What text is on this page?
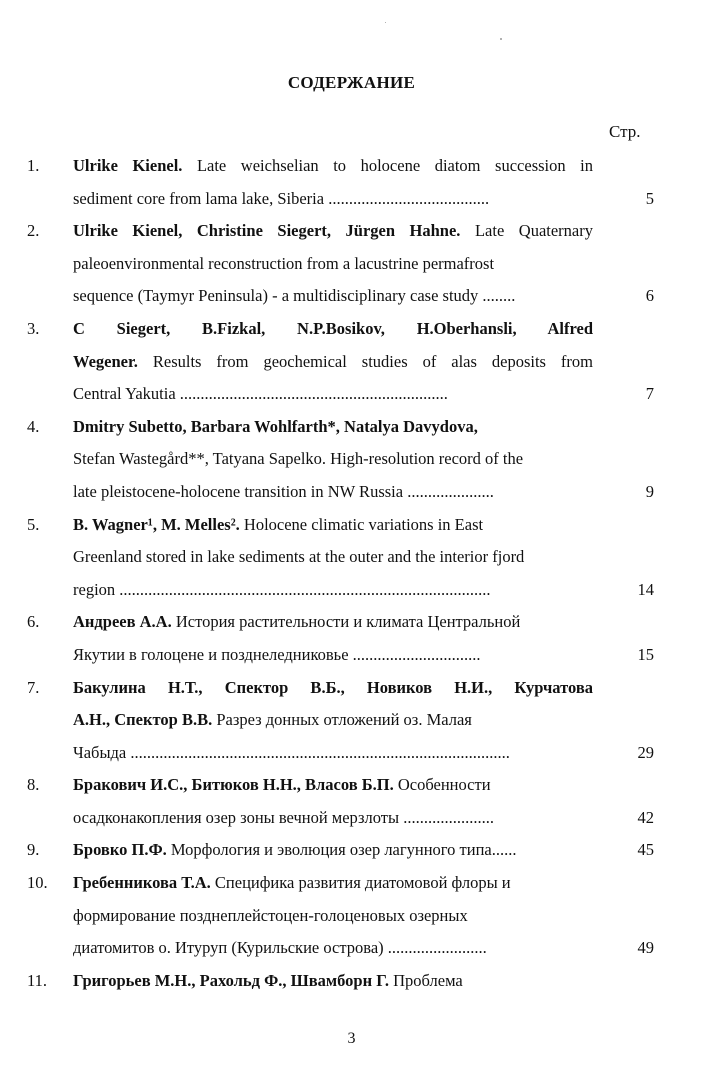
СОДЕРЖАНИЕ
Стр.
1. Ulrike Kienel. Late weichselian to holocene diatom succession in
sediment core from lama lake, Siberia .......................................	5
2. Ulrike Kienel, Christine Siegert, Jürgen Hahne. Late Quaternary
paleoenvironmental reconstruction from a lacustrine permafrost
sequence (Taymyr Peninsula) - a multidisciplinary case study ........	6
3. C Siegert, B.Fizkal, N.P.Bosikov, H.Oberhansli, Alfred
Wegener. Results from geochemical studies of alas deposits from
Central Yakutia .................................................................	7
4. Dmitry Subetto, Barbara Wohlfarth*, Natalya Davydova,
Stefan Wastegård**, Tatyana Sapelko. High-resolution record of the
late pleistocene-holocene transition in NW Russia .....................	9
5. B. Wagner¹, M. Melles². Holocene climatic variations in East
Greenland stored in lake sediments at the outer and the interior fjord
region ..........................................................................................	14
6. Андреев А.А. История растительности и климата Центральной
Якутии в голоцене и позднеледниковье ...............................	15
7. Бакулина Н.Т., Спектор В.Б., Новиков Н.И., Курчатова
А.Н., Спектор В.В. Разрез донных отложений оз. Малая
Чабыда ............................................................................................	29
8. Бракович И.С., Битюков Н.Н., Власов Б.П. Особенности
осадконакопления озер зоны вечной мерзлоты ......................	42
9. Бровко П.Ф. Морфология и эволюция озер лагунного типа......	45
10. Гребенникова Т.А. Специфика развития диатомовой флоры и
формирование позднеплейстоцен-голоценовых озерных
диатомитов о. Итуруп (Курильские острова) ........................	49
11. Григорьев М.Н., Рахольд Ф., Швамборн Г. Проблема
3
